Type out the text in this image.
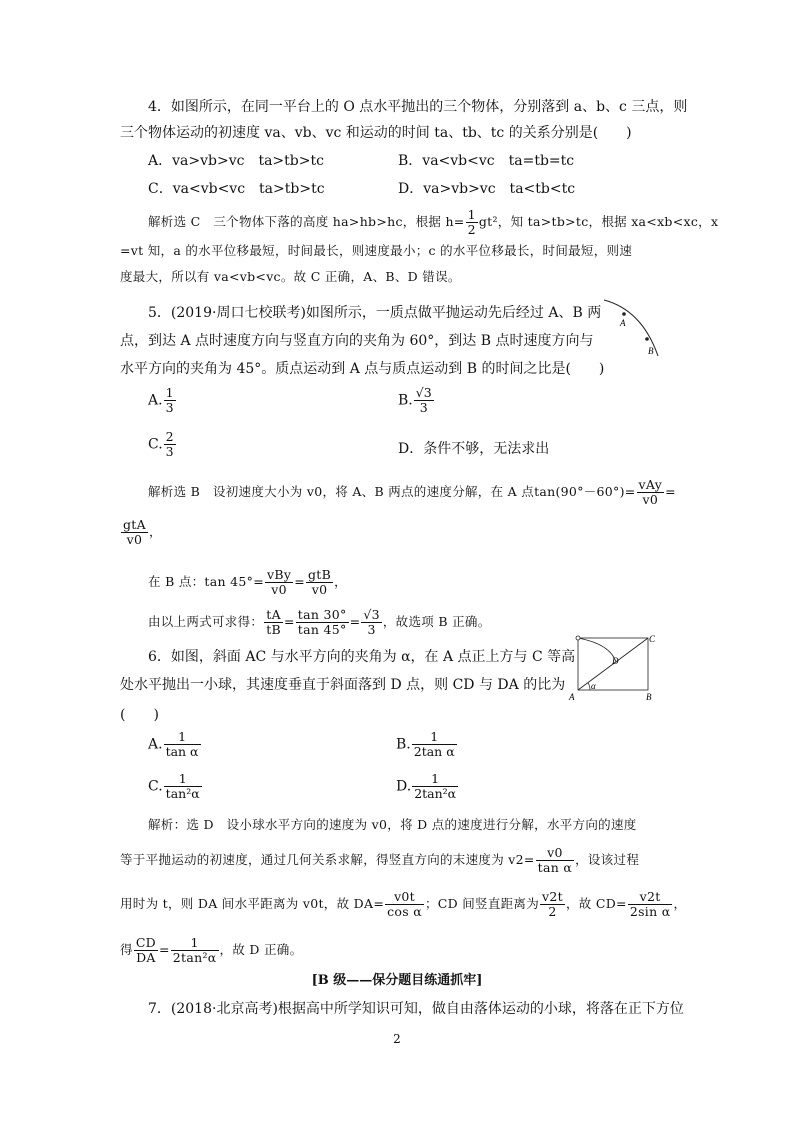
4．如图所示，在同一平台上的 O 点水平抛出的三个物体，分别落到 a、b、c 三点，则
三个物体运动的初速度 va、vb、vc 和运动的时间 ta、tb、tc 的关系分别是(　　)
A．va>vb>vc　ta>tb>tc	B．va<vb<vc　ta=tb=tc
C．va<vb<vc　ta>tb>tc	D．va>vb>vc　ta<tb<tc
解析选 C　三个物体下落的高度 ha>hb>hc，根据 $h= \frac{1}{2} gt^2$，知 ta>tb>tc，根据 xa<xb<xc，x
=vt 知，a 的水平位移最短，时间最长，则速度最小；c 的水平位移最长，时间最短，则速
度最大，所以有 va<vb<vc。故 C 正确，A、B、D 错误。
5．(2019·周口七校联考)如图所示，一质点做平抛运动先后经过 A、B 两
点，到达 A 点时速度方向与竖直方向的夹角为 60°，到达 B 点时速度方向与
水平方向的夹角为 45°。质点运动到 A 点与质点运动到 B 的时间之比是(　　)
A
B
A. $\frac{1}{3}$	B. $\frac{√3}{3}$
C. $\frac{2}{3}$	D．条件不够，无法求出
解析选 B　设初速度大小为 v0，将 A、B 两点的速度分解，在 A 点$\tan(90^\circ-60^\circ)= \frac{\text{vAy}}{v0}$ =
$\frac{\text{gtA}}{v0}$ ，
在 B 点：$\tan 45^\circ= \frac{\text{vBy}}{v0} = \frac{\text{gtB}}{v0}$ ，
由以上两式可求得： $\frac{tA}{tB} = \frac{\tan 30^\circ}{\tan 45^\circ} = \frac{√3}{3}$ ，故选项 B 正确。
6．如图，斜面 AC 与水平方向的夹角为 α，在 A 点正上方与 C 等高
处水平抛出一小球，其速度垂直于斜面落到 D 点，则 CD 与 DA 的比为
(　　)
A	B
C
D
α
A. $\frac{1}{\text{tan α}}$	B. $\frac{1}{\text{2tan α}}$
C. $\frac{1}{\text{tan²α}}$	D. $\frac{1}{\text{2tan²α}}$
解析：选 D　设小球水平方向的速度为 v0，将 D 点的速度进行分解，水平方向的速度
等于平抛运动的初速度，通过几何关系求解，得竖直方向的末速度为 $v2= \frac{v0}{\text{tan α}}$ ，设该过程
用时为 t，则 DA 间水平距离为 v0t，故 $DA= \frac{v0t}{\text{cos α}}$ ；CD 间竖直距离为 $\frac{v2t}{2}$ ，故 $CD= \frac{v2t}{\text{2sin α}}$ ，
得 $\frac{CD}{DA} = \frac{1}{\text{2tan²α}}$ ，故 D 正确。
[B 级——保分题目练通抓牢]
7．(2018·北京高考)根据高中所学知识可知，做自由落体运动的小球，将落在正下方位
2
